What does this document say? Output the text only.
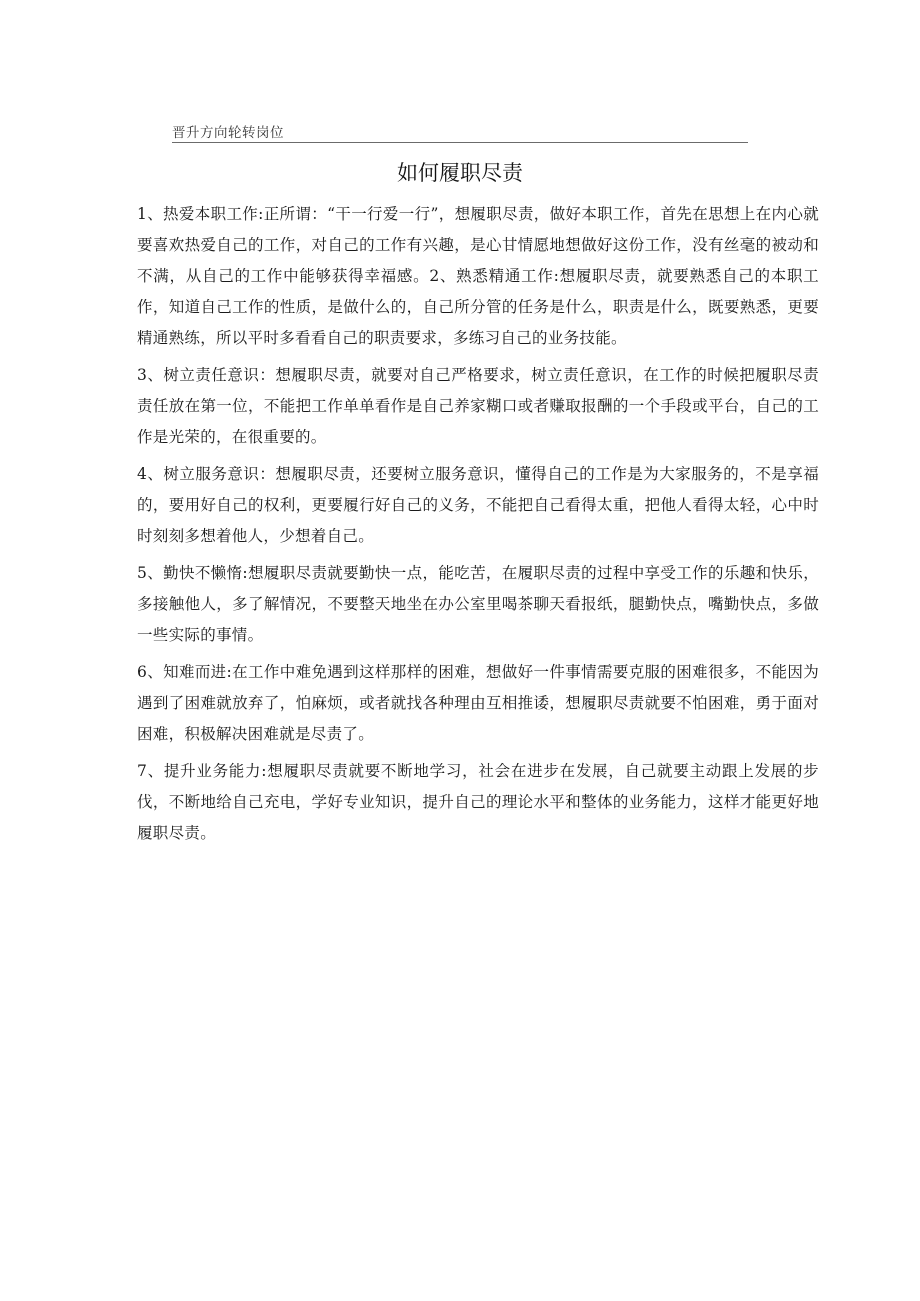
晋升方向轮转岗位
如何履职尽责

1、热爱本职工作:正所谓：“干一行爱一行”，想履职尽责，做好本职工作，首先在思想上在内心就要喜欢热爱自己的工作，对自己的工作有兴趣，是心甘情愿地想做好这份工作，没有丝毫的被动和不满，从自己的工作中能够获得幸福感。2、熟悉精通工作:想履职尽责，就要熟悉自己的本职工作，知道自己工作的性质，是做什么的，自己所分管的任务是什么，职责是什么，既要熟悉，更要精通熟练，所以平时多看看自己的职责要求，多练习自己的业务技能。

3、树立责任意识：想履职尽责，就要对自己严格要求，树立责任意识，在工作的时候把履职尽责责任放在第一位，不能把工作单单看作是自己养家糊口或者赚取报酬的一个手段或平台，自己的工作是光荣的，在很重要的。

4、树立服务意识：想履职尽责，还要树立服务意识，懂得自己的工作是为大家服务的，不是享福的，要用好自己的权利，更要履行好自己的义务，不能把自己看得太重，把他人看得太轻，心中时时刻刻多想着他人，少想着自己。

5、勤快不懒惰:想履职尽责就要勤快一点，能吃苦，在履职尽责的过程中享受工作的乐趣和快乐，多接触他人，多了解情况，不要整天地坐在办公室里喝茶聊天看报纸，腿勤快点，嘴勤快点，多做一些实际的事情。

6、知难而进:在工作中难免遇到这样那样的困难，想做好一件事情需要克服的困难很多，不能因为遇到了困难就放弃了，怕麻烦，或者就找各种理由互相推诿，想履职尽责就要不怕困难，勇于面对困难，积极解决困难就是尽责了。

7、提升业务能力:想履职尽责就要不断地学习，社会在进步在发展，自己就要主动跟上发展的步伐，不断地给自己充电，学好专业知识，提升自己的理论水平和整体的业务能力，这样才能更好地履职尽责。
